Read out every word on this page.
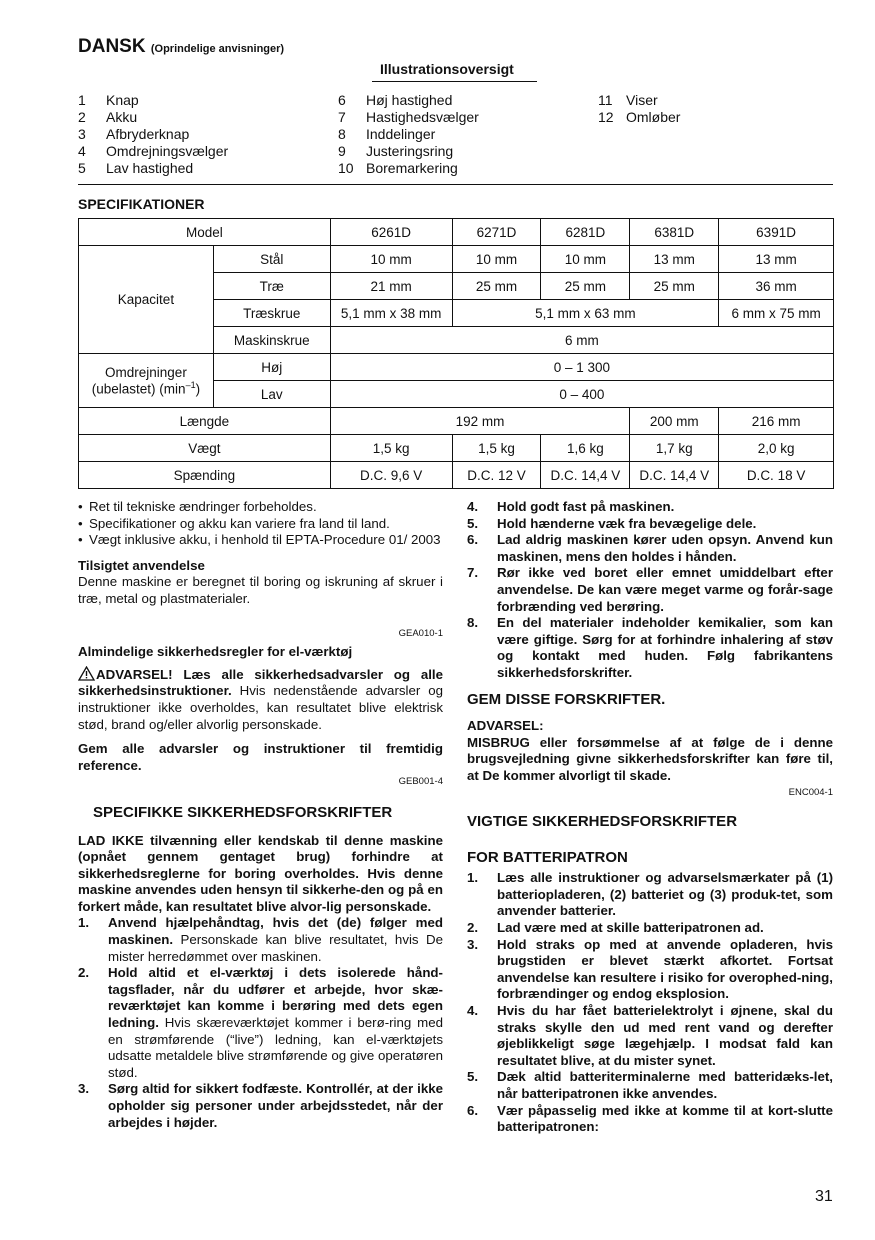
DANSK (Oprindelige anvisninger)
Illustrationsoversigt
1	Knap
2	Akku
3	Afbryderknap
4	Omdrejningsvælger
5	Lav hastighed
6	Høj hastighed
7	Hastighedsvælger
8	Inddelinger
9	Justeringsring
10 Boremarkering
11 Viser
12 Omløber
SPECIFIKATIONER
Model		6261D	6271D	6281D	6381D	6391D
Kapacitet	Stål	10 mm	10 mm	10 mm	13 mm	13 mm
	Træ	21 mm	25 mm	25 mm	25 mm	36 mm
	Træskrue	5,1 mm x 38 mm	5,1 mm x 63 mm			6 mm x 75 mm
	Maskinskrue	6 mm				
Omdrejninger
(ubelastet) $(\min^{-1})$	Høj	0 – 1 300				
	Lav	0 – 400				
Længde		192 mm			200 mm	216 mm
Vægt		1,5 kg	1,5 kg	1,6 kg	1,7 kg	2,0 kg
Spænding		D.C. 9,6 V	D.C. 12 V	D.C. 14,4 V	D.C. 14,4 V	D.C. 18 V
• Ret til tekniske ændringer forbeholdes.
• Specifikationer og akku kan variere fra land til land.
• Vægt inklusive akku, i henhold til EPTA-Procedure 01/ 2003

Tilsigtet anvendelse

Denne maskine er beregnet til boring og iskruning af skruer i træ, metal og plastmaterialer.

GEA010-1

Almindelige sikkerhedsregler for el-værktøj

ADVARSEL! Læs alle sikkerhedsadvarsler og alle sikkerhedsinstruktioner. Hvis nedenstående advarsler og instruktioner ikke overholdes, kan resultatet blive elektrisk stød, brand og/eller alvorlig personskade.

Gem alle advarsler og instruktioner til fremtidig reference.

GEB001-4

SPECIFIKKE SIKKERHEDSFORSKRIFTER

LAD IKKE tilvænning eller kendskab til denne maskine (opnået gennem gentaget brug) forhindre at sikkerhedsreglerne for boring overholdes. Hvis denne maskine anvendes uden hensyn til sikkerhe-den og på en forkert måde, kan resultatet blive alvor-lig personskade.

1.	Anvend hjælpehåndtag, hvis det (de) følger med maskinen. Personskade kan blive resultatet, hvis De mister herredømmet over maskinen.
2.	Hold altid et el-værktøj i dets isolerede hånd-tagsflader, når du udfører et arbejde, hvor skæ-reværktøjet kan komme i berøring med dets egen ledning. Hvis skæreværktøjet kommer i berø-ring med en strømførende (“live”) ledning, kan el-værktøjets udsatte metaldele blive strømførende og give operatøren stød.
3.	Sørg altid for sikkert fodfæste. Kontrollér, at der ikke opholder sig personer under arbejdsstedet, når der arbejdes i højder.
4.	Hold godt fast på maskinen.
5.	Hold hænderne væk fra bevægelige dele.
6.	Lad aldrig maskinen kører uden opsyn. Anvend kun maskinen, mens den holdes i hånden.
7.	Rør ikke ved boret eller emnet umiddelbart efter anvendelse. De kan være meget varme og forår-sage forbrænding ved berøring.
8.	En del materialer indeholder kemikalier, som kan være giftige. Sørg for at forhindre inhalering af støv og kontakt med huden. Følg fabrikantens sikkerhedsforskrifter.

GEM DISSE FORSKRIFTER.

ADVARSEL:

MISBRUG eller forsømmelse af at følge de i denne brugsvejledning givne sikkerhedsforskrifter kan føre til, at De kommer alvorligt til skade.

ENC004-1

VIGTIGE SIKKERHEDSFORSKRIFTER

FOR BATTERIPATRON

1.	Læs alle instruktioner og advarselsmærkater på (1) batteriopladeren, (2) batteriet og (3) produk-tet, som anvender batterier.
2.	Lad være med at skille batteripatronen ad.
3.	Hold straks op med at anvende opladeren, hvis brugstiden er blevet stærkt afkortet. Fortsat anvendelse kan resultere i risiko for overophed-ning, forbrændinger og endog eksplosion.
4.	Hvis du har fået batterielektrolyt i øjnene, skal du straks skylle den ud med rent vand og derefter øjeblikkeligt søge lægehjælp. I modsat fald kan resultatet blive, at du mister synet.
5.	Dæk altid batteriterminalerne med batteridæks-let, når batteripatronen ikke anvendes.
6.	Vær påpasselig med ikke at komme til at kort-slutte batteripatronen:
31
